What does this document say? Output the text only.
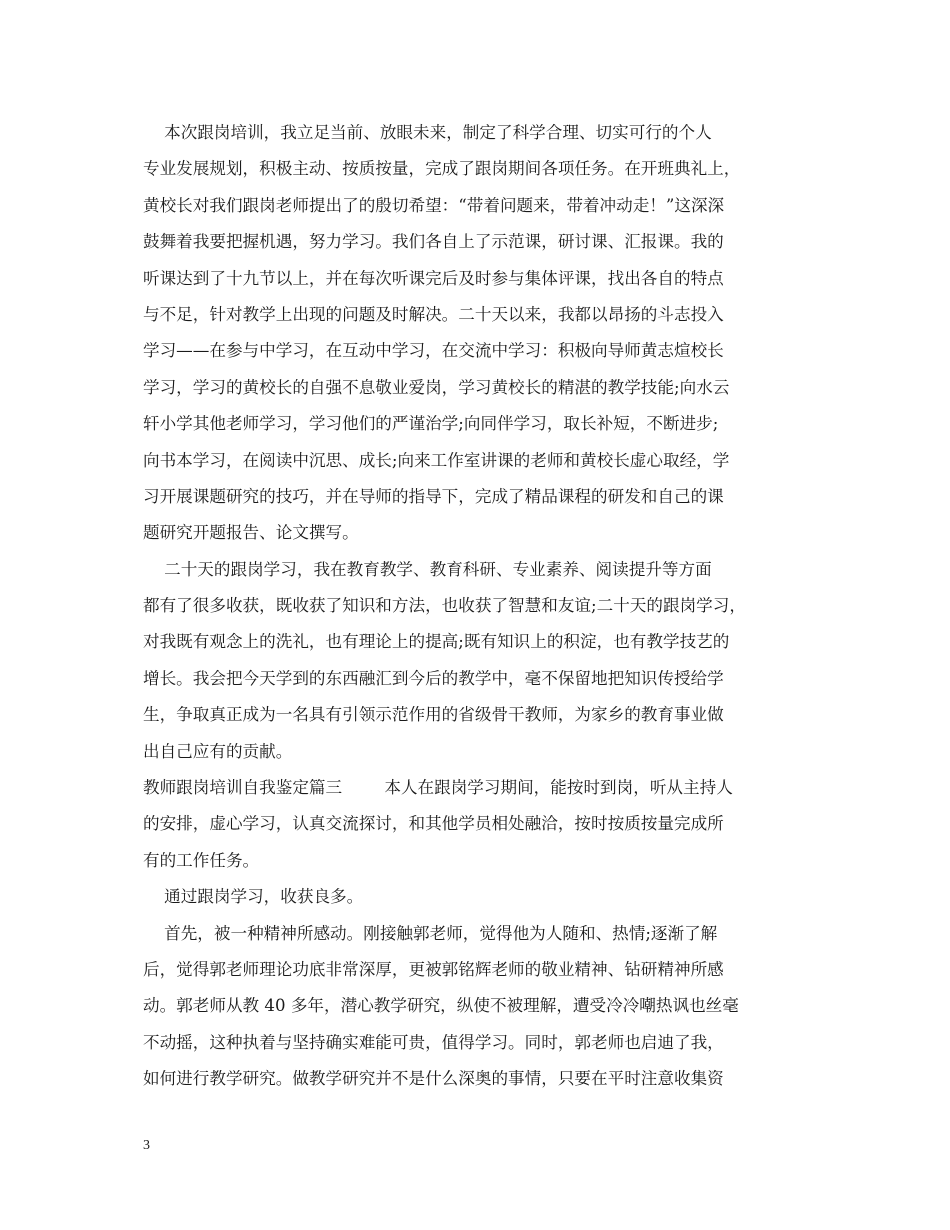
本次跟岗培训，我立足当前、放眼未来，制定了科学合理、切实可行的个人
专业发展规划，积极主动、按质按量，完成了跟岗期间各项任务。在开班典礼上，
黄校长对我们跟岗老师提出了的殷切希望：“带着问题来，带着冲动走！”这深深
鼓舞着我要把握机遇，努力学习。我们各自上了示范课，研讨课、汇报课。我的
听课达到了十九节以上，并在每次听课完后及时参与集体评课，找出各自的特点
与不足，针对教学上出现的问题及时解决。二十天以来，我都以昂扬的斗志投入
学习——在参与中学习，在互动中学习，在交流中学习：积极向导师黄志煊校长
学习，学习的黄校长的自强不息敬业爱岗，学习黄校长的精湛的教学技能;向水云
轩小学其他老师学习，学习他们的严谨治学;向同伴学习，取长补短，不断进步;
向书本学习，在阅读中沉思、成长;向来工作室讲课的老师和黄校长虚心取经，学
习开展课题研究的技巧，并在导师的指导下，完成了精品课程的研发和自己的课
题研究开题报告、论文撰写。
二十天的跟岗学习，我在教育教学、教育科研、专业素养、阅读提升等方面
都有了很多收获，既收获了知识和方法，也收获了智慧和友谊;二十天的跟岗学习，
对我既有观念上的洗礼，也有理论上的提高;既有知识上的积淀，也有教学技艺的
增长。我会把今天学到的东西融汇到今后的教学中，毫不保留地把知识传授给学
生，争取真正成为一名具有引领示范作用的省级骨干教师，为家乡的教育事业做
出自己应有的贡献。
教师跟岗培训自我鉴定篇三        本人在跟岗学习期间，能按时到岗，听从主持人
的安排，虚心学习，认真交流探讨，和其他学员相处融洽，按时按质按量完成所
有的工作任务。
通过跟岗学习，收获良多。
首先，被一种精神所感动。刚接触郭老师，觉得他为人随和、热情;逐渐了解
后，觉得郭老师理论功底非常深厚，更被郭铭辉老师的敬业精神、钻研精神所感
动。郭老师从教 40 多年，潜心教学研究，纵使不被理解，遭受冷冷嘲热讽也丝毫
不动摇，这种执着与坚持确实难能可贵，值得学习。同时，郭老师也启迪了我，
如何进行教学研究。做教学研究并不是什么深奥的事情，只要在平时注意收集资
3
